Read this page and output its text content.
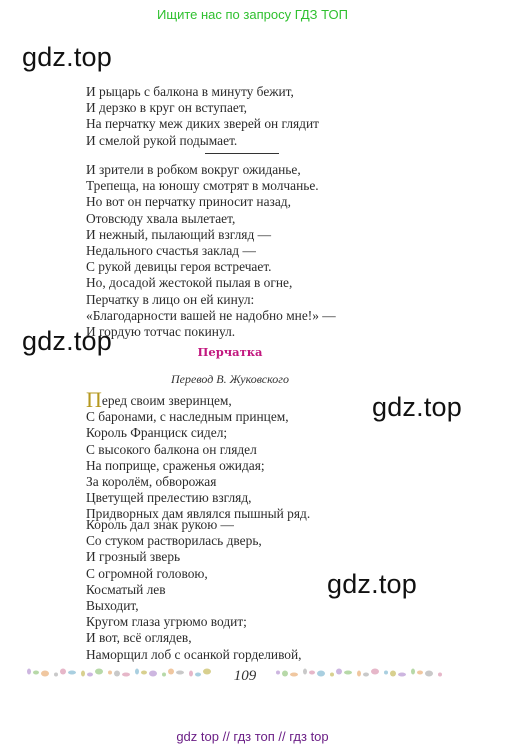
Ищите нас по запросу ГДЗ ТОП
gdz.top
gdz.top
gdz.top
gdz.top
И рыцарь с балкона в минуту бежит,
И дерзко в круг он вступает,
На перчатку меж диких зверей он глядит
И смелой рукой подымает.
И зрители в робком вокруг ожиданье,
Трепеща, на юношу смотрят в молчанье.
Но вот он перчатку приносит назад,
Отовсюду хвала вылетает,
И нежный, пылающий взгляд —
Недального счастья заклад —
С рукой девицы героя встречает.
Но, досадой жестокой пылая в огне,
Перчатку в лицо он ей кинул:
«Благодарности вашей не надобно мне!» —
И гордую тотчас покинул.
Перчатка
Перевод В. Жуковского
Перед своим зверинцем,
С баронами, с наследным принцем,
Король Франциск сидел;
С высокого балкона он глядел
На поприще, сраженья ожидая;
За королём, обворожая
Цветущей прелестию взгляд,
Придворных дам являлся пышный ряд.
Король дал знак рукою —
Со стуком растворилась дверь,
И грозный зверь
С огромной головою,
Косматый лев
Выходит,
Кругом глаза угрюмо водит;
И вот, всё оглядев,
Наморщил лоб с осанкой горделивой,
109
gdz top // гдз топ // гдз top
